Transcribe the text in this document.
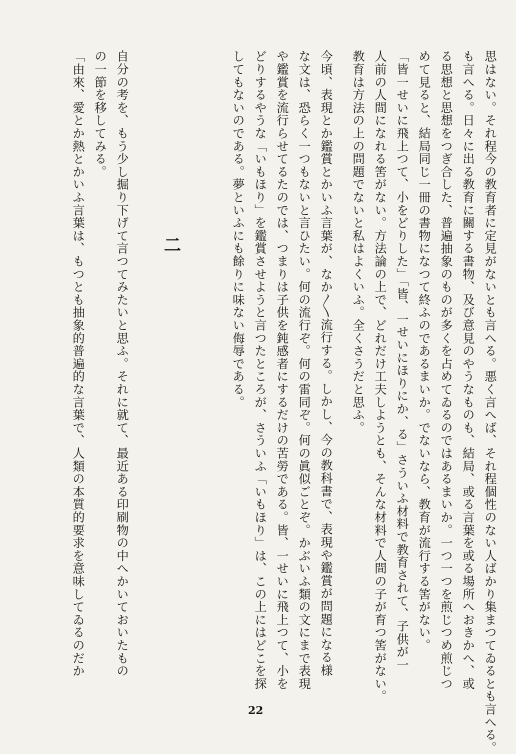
思はない。それ程今の教育者に定見がないとも言へる。悪く言へば、それ程個性のない人ばかり集まつてゐるとも言へる。
も言へる。日々に出る教育に關する書物、及び意見のやうなものも、結局、或る言葉を或る場所へおきかへ、或
る思想と思想をつぎ合した、普遍抽象のものが多くを占めてゐるのではあるまいか。一つ一つを煎じつめ煎じつ
めて見ると、結局同じ一冊の書物になつて終ふのであるまいか。でないなら、教育が流行する筈がない。
「皆一せいに飛上つて、小をどりした」「皆、一せいにほりにか、る」さういふ材料で教育されて、子供が一
人前の人間になれる筈がない。方法論の上で、どれだけ工夫しようとも、そんな材料で人間の子が育つ筈がない。
教育は方法の上の問題でないと私はよくいふ。全くさうだと思ふ。
今頃、表現とか鑑賞とかいふ言葉が、なか〳〵流行する。しかし、今の教科書で、表現や鑑賞が問題になる様
な文は、恐らく一つもないと言ひたい。何の流行ぞ。何の雷同ぞ。何の眞似ごとぞ。かぶいふ類の文にまで表現
や鑑賞を流行らせてるたのでは、つまりは子供を鈍感者にするだけの苦勞である。皆、一せいに飛上つて、小を
どりするやうな「いもほり」を鑑賞させようと言つたところが、さういふ「いもほり」は、この上にはどこを探
してもないのである。夢といふにも餘りに味ない侮辱である。
二
自分の考を、もう少し掘り下げて言つてみたいと思ふ。それに就て、最近ある印刷物の中へかいておいたもの
の一節を移してみる。
「由來、愛とか熱とかいふ言葉は、もつとも抽象的普遍的な言葉で、人類の本質的要求を意味してゐるのだか
22
